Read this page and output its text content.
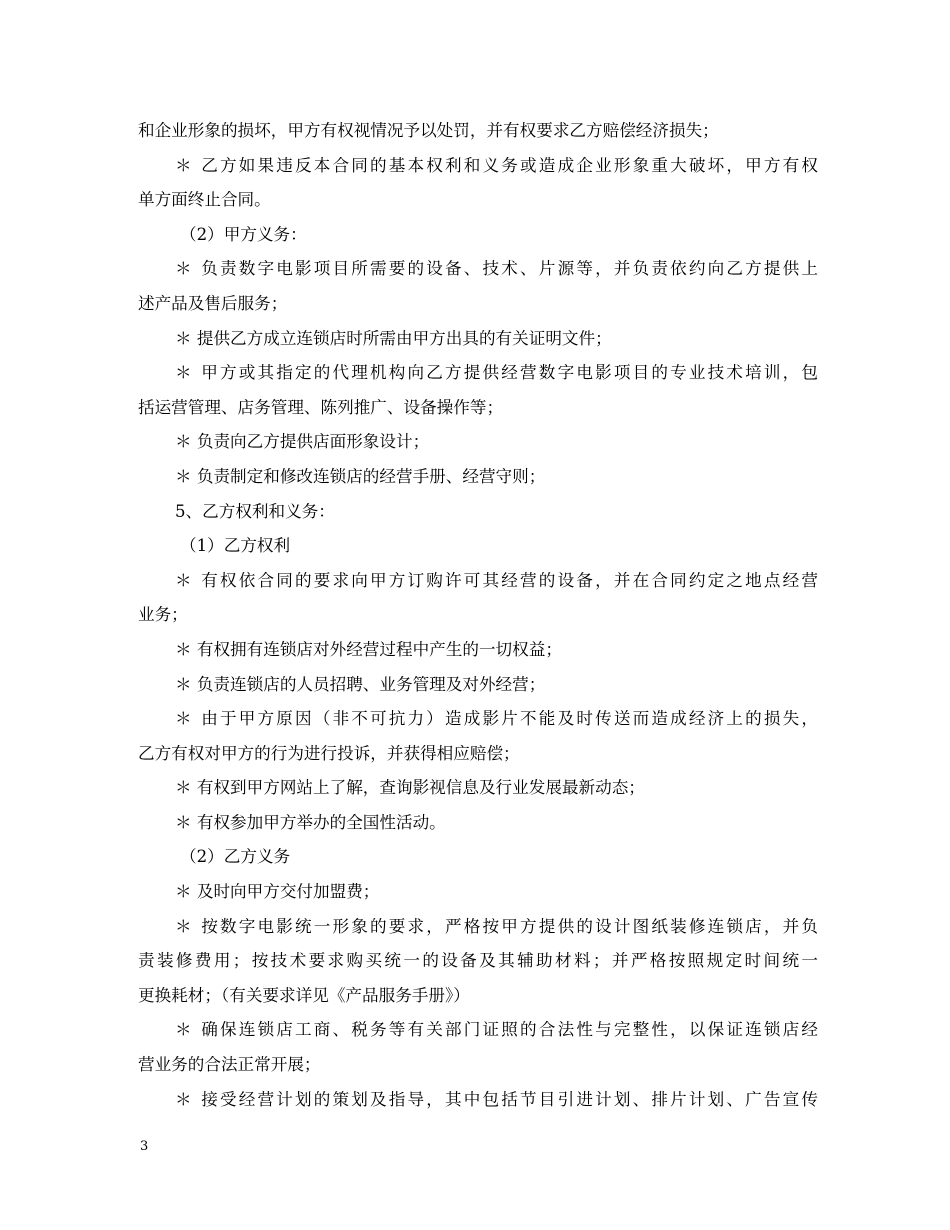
和企业形象的损坏，甲方有权视情况予以处罚，并有权要求乙方赔偿经济损失；
＊ 乙方如果违反本合同的基本权利和义务或造成企业形象重大破坏，甲方有权
单方面终止合同。
（2）甲方义务：
＊ 负责数字电影项目所需要的设备、技术、片源等，并负责依约向乙方提供上
述产品及售后服务；
＊ 提供乙方成立连锁店时所需由甲方出具的有关证明文件；
＊ 甲方或其指定的代理机构向乙方提供经营数字电影项目的专业技术培训，包
括运营管理、店务管理、陈列推广、设备操作等；
＊ 负责向乙方提供店面形象设计；
＊ 负责制定和修改连锁店的经营手册、经营守则；
5、乙方权利和义务：
（1）乙方权利
＊ 有权依合同的要求向甲方订购许可其经营的设备，并在合同约定之地点经营
业务；
＊ 有权拥有连锁店对外经营过程中产生的一切权益；
＊ 负责连锁店的人员招聘、业务管理及对外经营；
＊ 由于甲方原因（非不可抗力）造成影片不能及时传送而造成经济上的损失，
乙方有权对甲方的行为进行投诉，并获得相应赔偿；
＊ 有权到甲方网站上了解，查询影视信息及行业发展最新动态；
＊ 有权参加甲方举办的全国性活动。
（2）乙方义务
＊ 及时向甲方交付加盟费；
＊ 按数字电影统一形象的要求，严格按甲方提供的设计图纸装修连锁店，并负
责装修费用；按技术要求购买统一的设备及其辅助材料；并严格按照规定时间统一
更换耗材；（有关要求详见《产品服务手册》）
＊ 确保连锁店工商、税务等有关部门证照的合法性与完整性，以保证连锁店经
营业务的合法正常开展；
＊ 接受经营计划的策划及指导，其中包括节目引进计划、排片计划、广告宣传
3
